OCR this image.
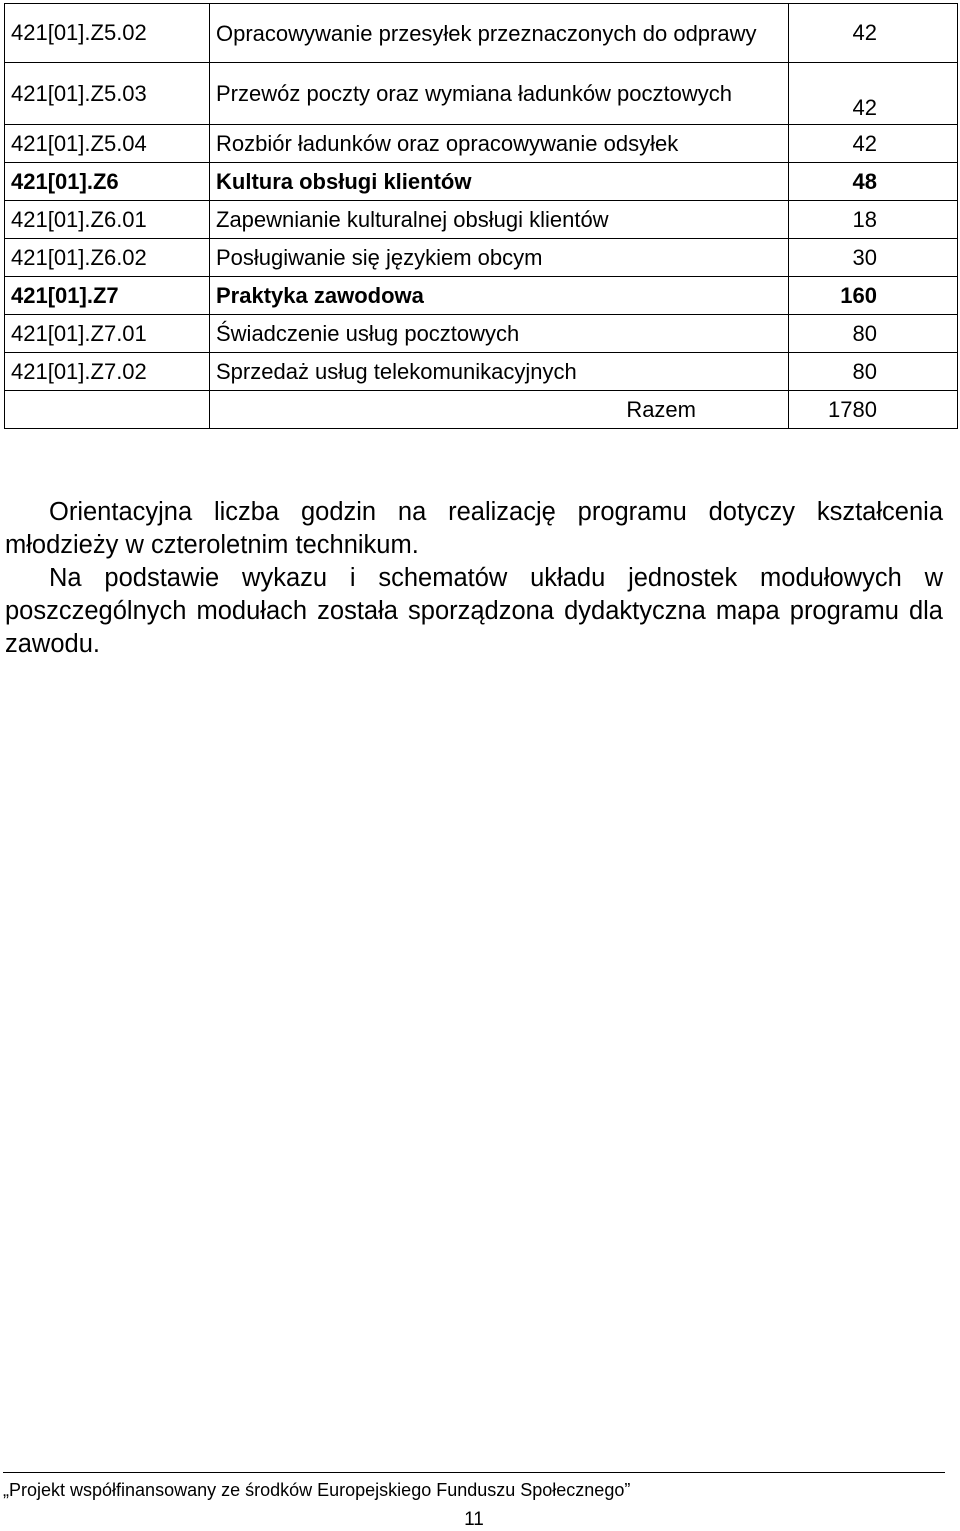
421[01].Z5.02	Opracowywanie przesyłek przeznaczonych do odprawy	42
421[01].Z5.03	Przewóz poczty oraz wymiana ładunków pocztowych	42
421[01].Z5.04	Rozbiór ładunków oraz opracowywanie odsyłek	42
421[01].Z6	Kultura obsługi klientów	48
421[01].Z6.01	Zapewnianie kulturalnej obsługi klientów	18
421[01].Z6.02	Posługiwanie się językiem obcym	30
421[01].Z7	Praktyka zawodowa	160
421[01].Z7.01	Świadczenie usług pocztowych	80
421[01].Z7.02	Sprzedaż usług telekomunikacyjnych	80
	Razem	1780

Orientacyjna liczba godzin na realizację programu dotyczy kształcenia młodzieży w czteroletnim technikum.

Na podstawie wykazu i schematów układu jednostek modułowych w poszczególnych modułach została sporządzona dydaktyczna mapa programu dla zawodu.

„Projekt współfinansowany ze środków Europejskiego Funduszu Społecznego”
11
